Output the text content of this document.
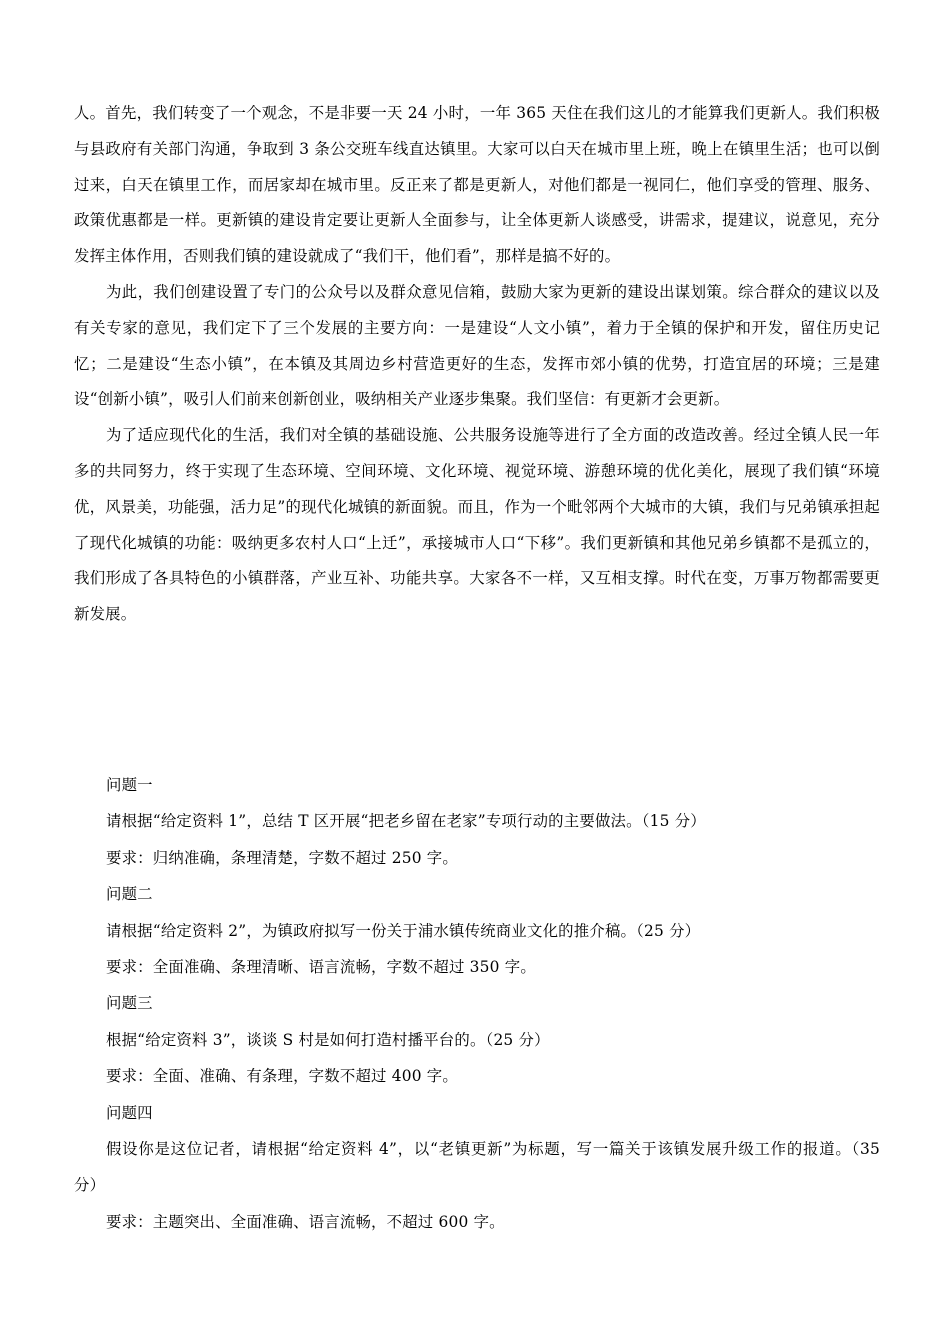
人。首先，我们转变了一个观念，不是非要一天 24 小时，一年 365 天住在我们这儿的才能算我们更新人。我们积极与县政府有关部门沟通，争取到 3 条公交班车线直达镇里。大家可以白天在城市里上班，晚上在镇里生活；也可以倒过来，白天在镇里工作，而居家却在城市里。反正来了都是更新人，对他们都是一视同仁，他们享受的管理、服务、政策优惠都是一样。更新镇的建设肯定要让更新人全面参与，让全体更新人谈感受，讲需求，提建议，说意见，充分发挥主体作用，否则我们镇的建设就成了“我们干，他们看”，那样是搞不好的。

为此，我们创建设置了专门的公众号以及群众意见信箱，鼓励大家为更新的建设出谋划策。综合群众的建议以及有关专家的意见，我们定下了三个发展的主要方向：一是建设“人文小镇”，着力于全镇的保护和开发，留住历史记忆；二是建设“生态小镇”，在本镇及其周边乡村营造更好的生态，发挥市郊小镇的优势，打造宜居的环境；三是建设“创新小镇”，吸引人们前来创新创业，吸纳相关产业逐步集聚。我们坚信：有更新才会更新。

为了适应现代化的生活，我们对全镇的基础设施、公共服务设施等进行了全方面的改造改善。经过全镇人民一年多的共同努力，终于实现了生态环境、空间环境、文化环境、视觉环境、游憩环境的优化美化，展现了我们镇“环境优，风景美，功能强，活力足”的现代化城镇的新面貌。而且，作为一个毗邻两个大城市的大镇，我们与兄弟镇承担起了现代化城镇的功能：吸纳更多农村人口“上迁”，承接城市人口“下移”。我们更新镇和其他兄弟乡镇都不是孤立的，我们形成了各具特色的小镇群落，产业互补、功能共享。大家各不一样，又互相支撑。时代在变，万事万物都需要更新发展。

问题一

请根据“给定资料 1”，总结 T 区开展“把老乡留在老家”专项行动的主要做法。（15 分）

要求：归纳准确，条理清楚，字数不超过 250 字。

问题二

请根据“给定资料 2”，为镇政府拟写一份关于浦水镇传统商业文化的推介稿。（25 分）

要求：全面准确、条理清晰、语言流畅，字数不超过 350 字。

问题三

根据“给定资料 3”，谈谈 S 村是如何打造村播平台的。（25 分）

要求：全面、准确、有条理，字数不超过 400 字。

问题四

假设你是这位记者，请根据“给定资料 4”，以“老镇更新”为标题，写一篇关于该镇发展升级工作的报道。（35 分）

要求：主题突出、全面准确、语言流畅，不超过 600 字。
